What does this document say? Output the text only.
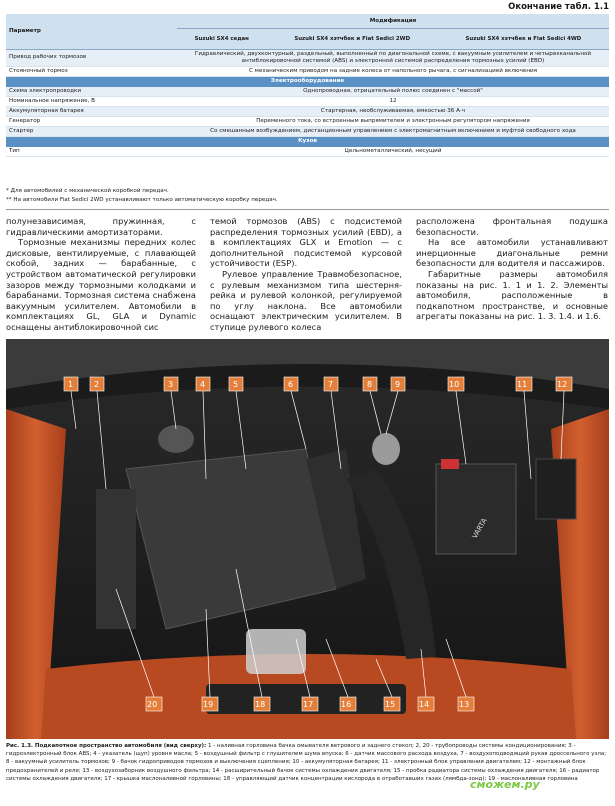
Окончание табл. 1.1
Параметр	Модификация		
	Suzuki SX4 седан	Suzuki SX4 хэтчбек и Fiat Sedici 2WD	Suzuki SX4 хэтчбек и Fiat Sedici 4WD
Привод рабочих тормозов	Гидравлический, двухконтурный, раздельный, выполненный по диагональной схеме, с вакуумным усилителем и четырехканальной антиблокировочной системой (ABS) и электронной системой распределения тормозных усилий (EBD)		
Стояночный тормоз	С механическим приводом на задние колеса от напольного рычага, с сигнализацией включения		
Электрооборудование			
Схема электропроводки	Однопроводная, отрицательный полюс соединен с "массой"		
Номинальное напряжение, В	12		
Аккумуляторная батарея	Стартерная, необслуживаемая, емкостью 36 А·ч		
Генератор	Переменного тока, со встроенным выпрямителем и электронным регулятором напряжения		
Стартер	Со смешанным возбуждением, дистанционным управлением с электромагнитным включением и муфтой свободного хода		
Кузов			
Тип	Цельнометаллический, несущий		
* Для автомобилей с механической коробкой передач.
** На автомобили Fiat Sedici 2WD устанавливают только автоматическую коробку передач.

полунезависимая, пружинная, с гидравлическими амортизаторами.

Тормозные механизмы передних колес дисковые, вентилируемые, с плавающей скобой, задних — барабанные, с устройством автоматической регулировки зазоров между тормозными колодками и барабанами. Тормозная система снабжена вакуумным усилителем. Автомобили в комплектациях GL, GLA и Dynamic оснащены антиблокировочной сис

темой тормозов (ABS) с подсистемой распределения тормозных усилий (EBD), а в комплектациях GLX и Emotion — с дополнительной подсистемой курсовой устойчивости (ESP).

Рулевое управление Травмобезопасное, с рулевым механизмом типа шестерня-рейка и рулевой колонкой, регулируемой по углу наклона. Все автомобили оснащают электрическим усилителем. В ступице рулевого колеса

расположена фронтальная подушка безопасности.

На все автомобили устанавливают инерционные диагональные ремни безопасности для водителя и пассажиров.

Габаритные размеры автомобиля показаны на рис. 1. 1 и 1. 2. Элементы автомобиля, расположенные в подкапотном пространстве, и основные агрегаты показаны на рис. 1. 3. 1.4. и 1.6.

VARTA
1	2	3	4	5	6	7	8	9	10	11	12
20	19	18	17	16	15	14	13
Рис. 1.3. Подкапотное пространство автомобиля (вид сверху): 1 - наливная горловина бачка омывателя ветрового и заднего стекол; 2, 20 - трубопроводы системы кондиционирования; 3 - гидроэлектронный блок ABS; 4 - указатель (щуп) уровня масла; 5 - воздушный фильтр с глушителем шума впуска; 6 - датчик массового расхода воздуха, 7 - воздухоподводящий рукав дроссельного узла; 8 - вакуумный усилитель тормозов; 9 - бачок гидроприводов тормозов и выключения сцепления; 10 - аккумуляторная батарея; 11 - электронный блок управления двигателем; 12 - монтажный блок предохранителей и реле; 13 - воздухозаборник воздушного фильтра; 14 - расширительный бачок системы охлаждения двигателя; 15 - пробка радиатора системы охлаждения двигателя; 16 - радиатор системы охлаждения двигателя; 17 - крышка маслоналивной горловины; 18 - управляющий датчик концентрации кислорода в отработавших газах (лямбда-зонд); 19 - маслоналивная горловина
сможем.ру
